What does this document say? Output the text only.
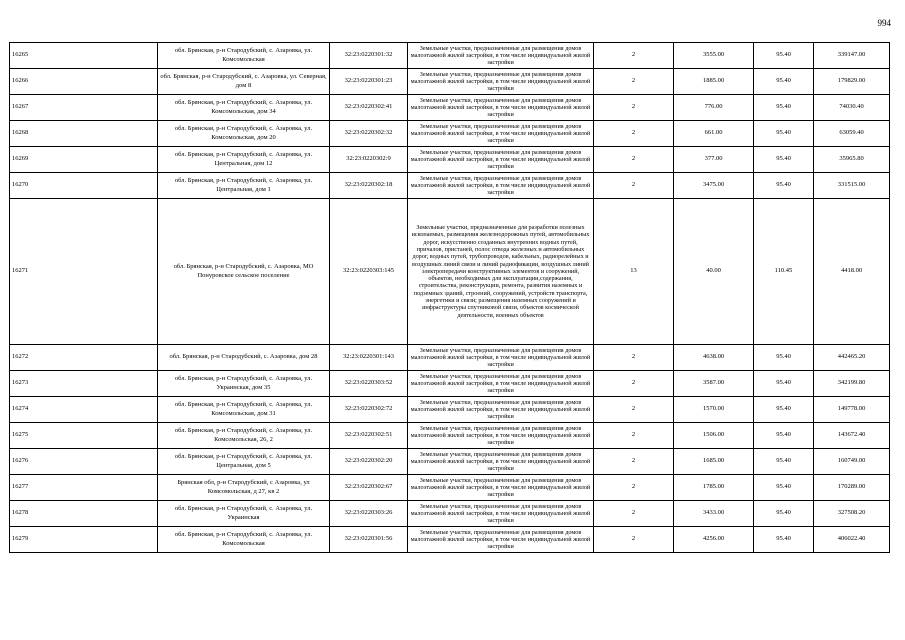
994
16265	обл. Брянская, р-н Стародубский, с. Азаровка, ул. Комсомольская	32:23:0220301:32	Земельные участки, предназначенные для размещения домов малоэтажной жилой застройки, в том числе индивидуальной жилой застройки	2	3555.00	95.40	339147.00
16266	обл. Брянская, р-н Стародубский, с. Азаровка, ул. Северная, дом 8	32:23:0220301:23	Земельные участки, предназначенные для размещения домов малоэтажной жилой застройки, в том числе индивидуальной жилой застройки	2	1885.00	95.40	179829.00
16267	обл. Брянская, р-н Стародубский, с. Азаровка, ул. Комсомольская, дом 34	32:23:0220302:41	Земельные участки, предназначенные для размещения домов малоэтажной жилой застройки, в том числе индивидуальной жилой застройки	2	776.00	95.40	74030.40
16268	обл. Брянская, р-н Стародубский, с. Азаровка, ул. Комсомольская, дом 20	32:23:0220302:32	Земельные участки, предназначенные для размещения домов малоэтажной жилой застройки, в том числе индивидуальной жилой застройки	2	661.00	95.40	63059.40
16269	обл. Брянская, р-н Стародубский, с. Азаровка, ул. Центральная, дом 12	32:23:0220302:9	Земельные участки, предназначенные для размещения домов малоэтажной жилой застройки, в том числе индивидуальной жилой застройки	2	377.00	95.40	35965.80
16270	обл. Брянская, р-н Стародубский, с. Азаровка, ул. Центральная, дом 1	32:23:0220302:18	Земельные участки, предназначенные для размещения домов малоэтажной жилой застройки, в том числе индивидуальной жилой застройки	2	3475.00	95.40	331515.00
16271	обл. Брянская, р-н Стародубский, с. Азаровка, МО Понуровское сельское поселение	32:23:0220303:145	Земельные участки, предназначенные для разработки полезных ископаемых, размещения железнодорожных путей, автомобильных дорог, искусственно созданных внутренних водных путей, причалов, пристаней, полос отвода железных и автомобильных дорог, водных путей, трубопроводов, кабельных, радиорелейных и воздушных линий связи и линий радиофикации, воздушных линий электропередачи конструктивных элементов и сооружений, объектов, необходимых для эксплуатации,содержания, строительства, реконструкции, ремонта, развития наземных и подземных зданий, строений, сооружений, устройств транспорта, энергетики и связи; размещения наземных сооружений и инфраструктуры спутниковой связи, объектов космической деятельности, военных объектов	13	40.00	110.45	4418.00
16272	обл. Брянская, р-н Стародубский, с. Азаровка, дом 28	32:23:0220301:143	Земельные участки, предназначенные для размещения домов малоэтажной жилой застройки, в том числе индивидуальной жилой застройки	2	4638.00	95.40	442465.20
16273	обл. Брянская, р-н Стародубский, с. Азаровка, ул. Украинская, дом 35	32:23:0220303:52	Земельные участки, предназначенные для размещения домов малоэтажной жилой застройки, в том числе индивидуальной жилой застройки	2	3587.00	95.40	342199.80
16274	обл. Брянская, р-н Стародубский, с. Азаровка, ул. Комсомольская, дом 31	32:23:0220302:72	Земельные участки, предназначенные для размещения домов малоэтажной жилой застройки, в том числе индивидуальной жилой застройки	2	1570.00	95.40	149778.00
16275	обл. Брянская, р-н Стародубский, с. Азаровка, ул. Комсомольская, 26, 2	32:23:0220302:51	Земельные участки, предназначенные для размещения домов малоэтажной жилой застройки, в том числе индивидуальной жилой застройки	2	1506.00	95.40	143672.40
16276	обл. Брянская, р-н Стародубский, с. Азаровка, ул. Центральная, дом 5	32:23:0220302:20	Земельные участки, предназначенные для размещения домов малоэтажной жилой застройки, в том числе индивидуальной жилой застройки	2	1685.00	95.40	160749.00
16277	Брянская обл, р-н Стародубский, с Азаровка, ул Комсомольская, д 27, кв 2	32:23:0220302:67	Земельные участки, предназначенные для размещения домов малоэтажной жилой застройки, в том числе индивидуальной жилой застройки	2	1785.00	95.40	170289.00
16278	обл. Брянская, р-н Стародубский, с. Азаровка, ул. Украинская	32:23:0220303:26	Земельные участки, предназначенные для размещения домов малоэтажной жилой застройки, в том числе индивидуальной жилой застройки	2	3433.00	95.40	327508.20
16279	обл. Брянская, р-н Стародубский, с. Азаровка, ул. Комсомольская	32:23:0220301:56	Земельные участки, предназначенные для размещения домов малоэтажной жилой застройки, в том числе индивидуальной жилой застройки	2	4256.00	95.40	406022.40
